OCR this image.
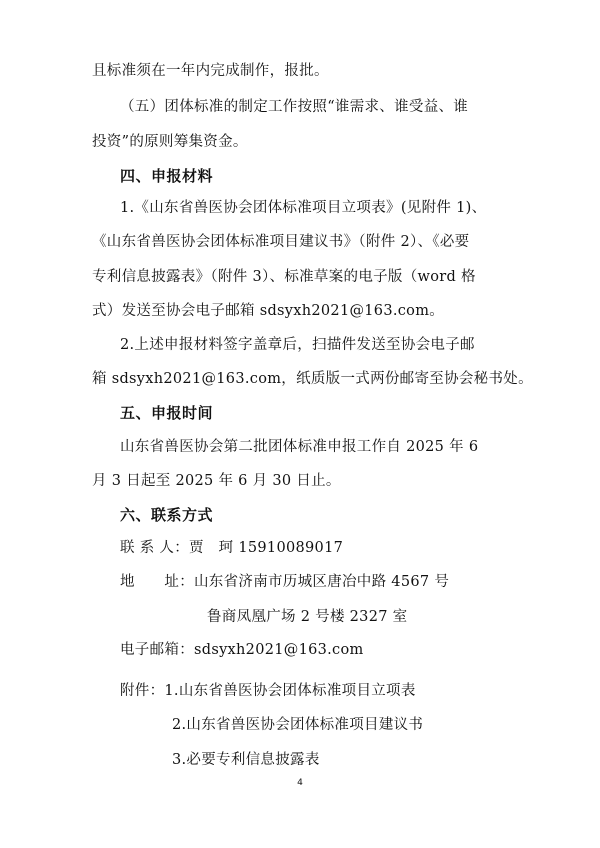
且标准须在一年内完成制作，报批。
（五）团体标准的制定工作按照“谁需求、谁受益、谁
投资”的原则筹集资金。
四、申报材料
1.《山东省兽医协会团体标准项目立项表》(见附件 1)、
《山东省兽医协会团体标准项目建议书》（附件 2）、《必要
专利信息披露表》（附件 3）、标准草案的电子版（word 格
式）发送至协会电子邮箱 sdsyxh2021@163.com。
2.上述申报材料签字盖章后，扫描件发送至协会电子邮
箱 sdsyxh2021@163.com，纸质版一式两份邮寄至协会秘书处。
五、申报时间
山东省兽医协会第二批团体标准申报工作自 2025 年 6
月 3 日起至 2025 年 6 月 30 日止。
六、联系方式
联 系 人：贾　珂 15910089017
地　　址：山东省济南市历城区唐冶中路 4567 号
鲁商凤凰广场 2 号楼 2327 室
电子邮箱：sdsyxh2021@163.com
附件：1.山东省兽医协会团体标准项目立项表
2.山东省兽医协会团体标准项目建议书
3.必要专利信息披露表
4
